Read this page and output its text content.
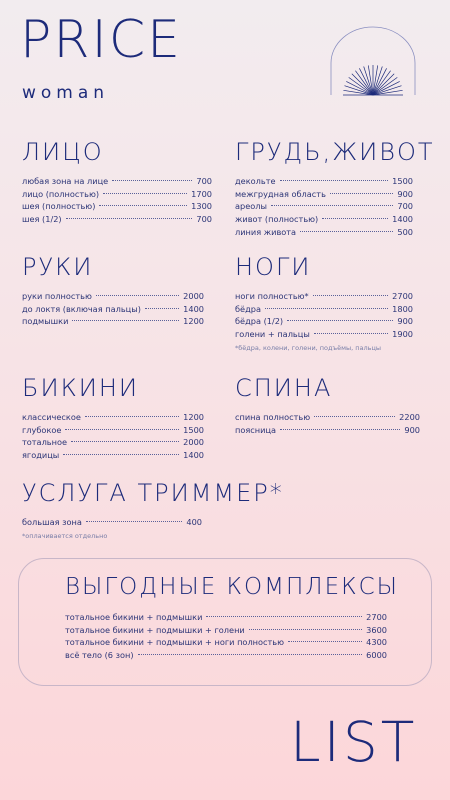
PRICE
woman
ЛИЦО
любая зона на лице	700
лицо (полностью)	1700
шея (полностью)	1300
шея (1/2)	700
ГРУДЬ,ЖИВОТ
декольте	1500
межгрудная область	900
ареолы	700
живот (полностью)	1400
линия живота	500
РУКИ
руки полностью	2000
до локтя (включая пальцы)	1400
подмышки	1200
НОГИ
ноги полностью*	2700
бёдра	1800
бёдра (1/2)	900
голени + пальцы	1900
*бёдра, колени, голени, подъёмы, пальцы
БИКИНИ
классическое	1200
глубокое	1500
тотальное	2000
ягодицы	1400
СПИНА
спина полностью	2200
поясница	900
УСЛУГА ТРИММЕР*
большая зона	400
*оплачивается отдельно
ВЫГОДНЫЕ КОМПЛЕКСЫ
тотальное бикини + подмышки	2700
тотальное бикини + подмышки + голени	3600
тотальное бикини + подмышки + ноги полностью	4300
всё тело (6 зон)	6000
LIST
